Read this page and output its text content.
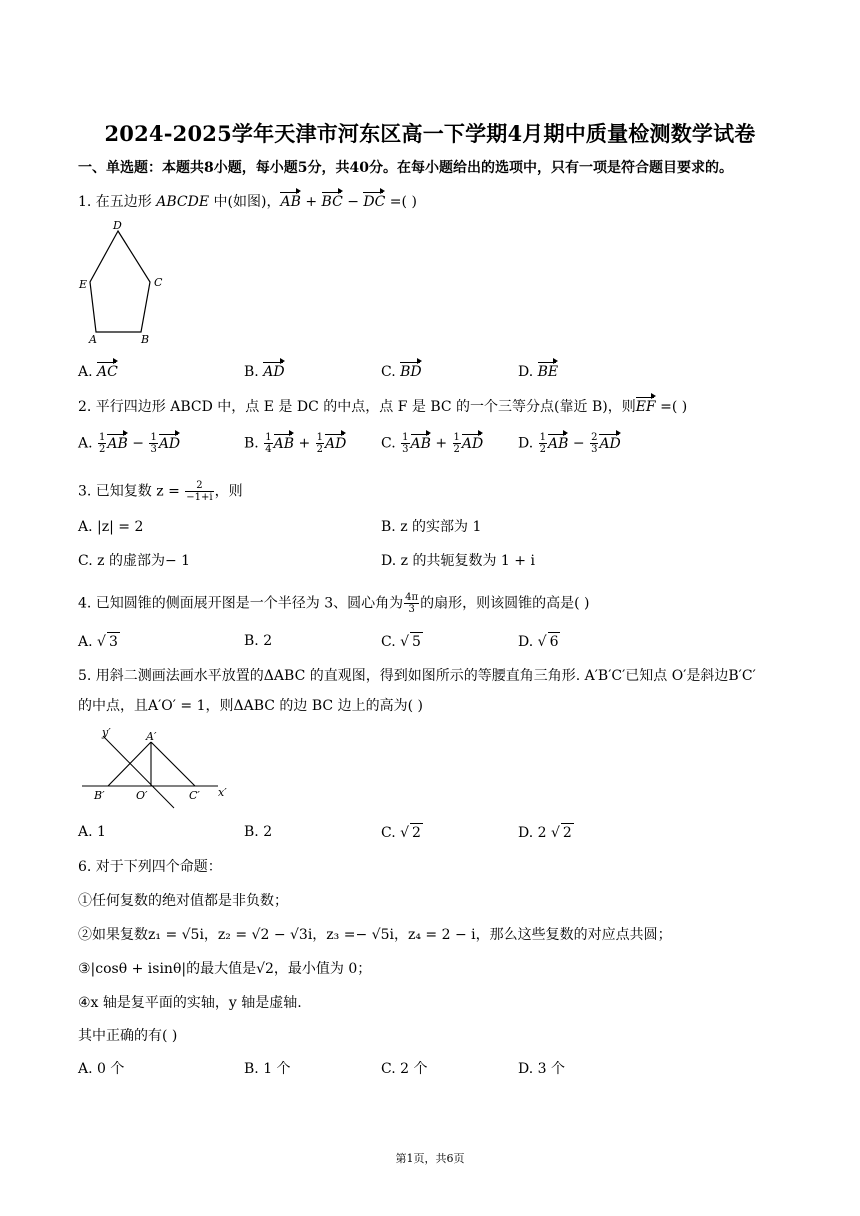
2024-2025学年天津市河东区高一下学期4月期中质量检测数学试卷
一、单选题：本题共8小题，每小题5分，共40分。在每小题给出的选项中，只有一项是符合题目要求的。
1. 在五边形 ABCDE 中(如图)，AB + BC − DC =( )
D
C
E
A	B
A. AC	B. AD	C. BD	D. BE
2. 平行四边形 ABCD 中，点 E 是 DC 的中点，点 F 是 BC 的一个三等分点(靠近 B)，则EF =( )
A. $\frac{1}{2}$ AB − $\frac{1}{3}$ AD	B. $\frac{1}{4}$ AB + $\frac{1}{2}$ AD C. $\frac{1}{3}$ AB + $\frac{1}{2}$ AD D. $\frac{1}{2}$ AB − $\frac{2}{3}$ AD
3. 已知复数 $z = \frac{2}{-1+i}$ ，则
A. |z| = 2	B. z 的实部为 1
C. z 的虚部为− 1	D. z 的共轭复数为 1 + i
4. 已知圆锥的侧面展开图是一个半径为 3、圆心角为 $\frac{4\pi}{3}$ 的扇形，则该圆锥的高是( )
A. √ 3	B. 2	C. √ 5	D. √ 6
5. 用斜二测画法画水平放置的ΔABC 的直观图，得到如图所示的等腰直角三角形. A′B′C′已知点 O′是斜边B′C′
的中点，且A′O′ = 1，则ΔABC 的边 BC 边上的高为( )
y′	A′
B′	O′	C′ x′
A. 1	B. 2	C. √ 2	D. 2 √ 2
6. 对于下列四个命题：
①任何复数的绝对值都是非负数；
②如果复数z₁ = √5i，z₂ = √2 − √3i，z₃ =− √5i，z₄ = 2 − i，那么这些复数的对应点共圆；
③|cosθ + isinθ|的最大值是√2，最小值为 0；
④x 轴是复平面的实轴，y 轴是虚轴.
其中正确的有( )
A. 0 个	B. 1 个	C. 2 个	D. 3 个
第1页，共6页
